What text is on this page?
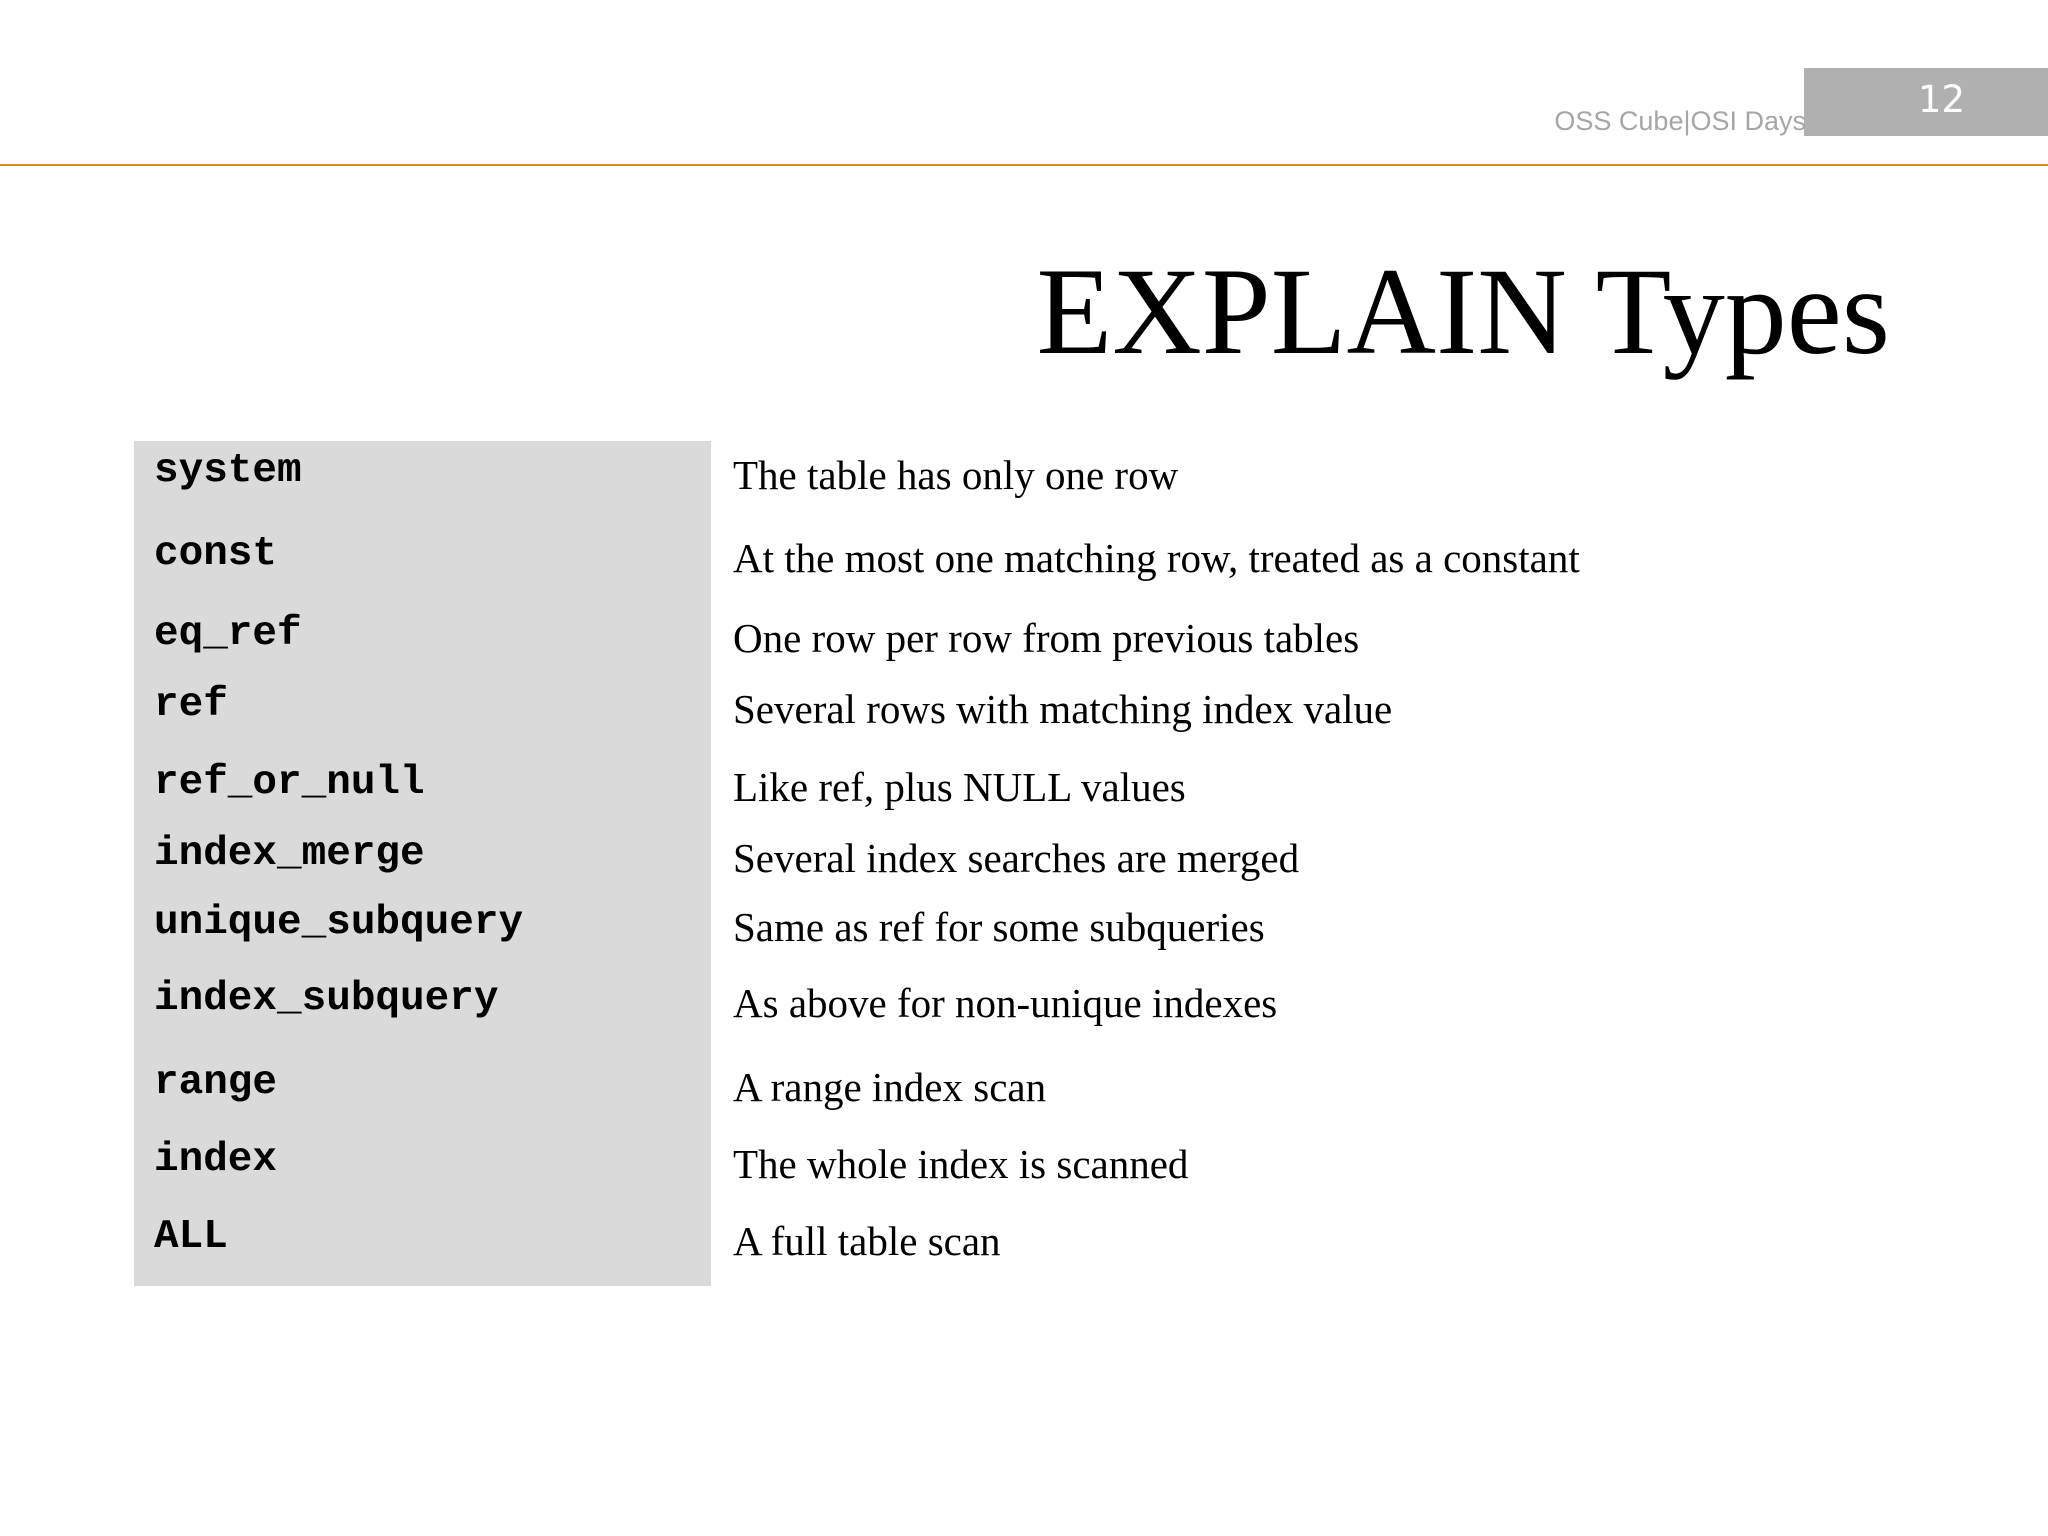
12
OSS Cube|OSI Days
EXPLAIN Types
system	The table has only one row
const	At the most one matching row, treated as a constant
eq_ref	One row per row from previous tables
ref	Several rows with matching index value
ref_or_null	Like ref, plus NULL values
index_merge	Several index searches are merged
unique_subquery	Same as ref for some subqueries
index_subquery	As above for non-unique indexes
range	A range index scan
index	The whole index is scanned
ALL	A full table scan
